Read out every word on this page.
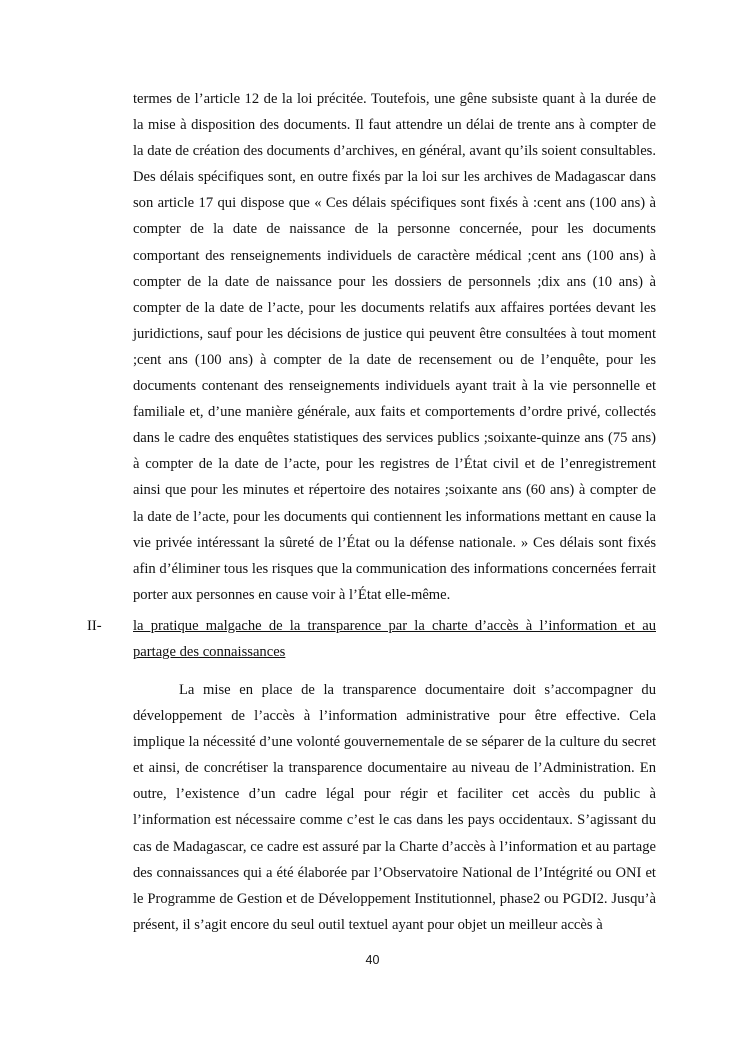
termes de l’article 12 de la loi précitée. Toutefois, une gêne subsiste quant à la durée de la mise à disposition des documents. Il faut attendre un délai de trente ans à compter de la date de création des documents d’archives, en général, avant qu’ils soient consultables. Des délais spécifiques sont, en outre fixés par la loi sur les archives de Madagascar dans son article 17 qui dispose que « Ces délais spécifiques sont fixés à :cent ans (100 ans) à compter de la date de naissance de la personne concernée, pour les documents comportant des renseignements individuels de caractère médical ;cent ans (100 ans) à compter de la date de naissance pour les dossiers de personnels ;dix ans (10 ans) à compter de la date de l’acte, pour les documents relatifs aux affaires portées devant les juridictions, sauf pour les décisions de justice qui peuvent être consultées à tout moment ;cent ans (100 ans) à compter de la date de recensement ou de l’enquête, pour les documents contenant des renseignements individuels ayant trait à la vie personnelle et familiale et, d’une manière générale, aux faits et comportements d’ordre privé, collectés dans le cadre des enquêtes statistiques des services publics ;soixante-quinze ans (75 ans) à compter de la date de l’acte, pour les registres de l’État civil et de l’enregistrement ainsi que pour les minutes et répertoire des notaires ;soixante ans (60 ans) à compter de la date de l’acte, pour les documents qui contiennent les informations mettant en cause la vie privée intéressant la sûreté de l’État ou la défense nationale. » Ces délais sont fixés afin d’éliminer tous les risques que la communication des informations concernées ferrait porter aux personnes en cause voir à l’État elle-même.

II- la pratique malgache de la transparence par la charte d’accès à l’information et au partage des connaissances

La mise en place de la transparence documentaire doit s’accompagner du développement de l’accès à l’information administrative pour être effective. Cela implique la nécessité d’une volonté gouvernementale de se séparer de la culture du secret et ainsi, de concrétiser la transparence documentaire au niveau de l’Administration. En outre, l’existence d’un cadre légal pour régir et faciliter cet accès du public à l’information est nécessaire comme c’est le cas dans les pays occidentaux. S’agissant du cas de Madagascar, ce cadre est assuré par la Charte d’accès à l’information et au partage des connaissances qui a été élaborée par l’Observatoire National de l’Intégrité ou ONI et le Programme de Gestion et de Développement Institutionnel, phase2 ou PGDI2. Jusqu’à présent, il s’agit encore du seul outil textuel ayant pour objet un meilleur accès à

40
